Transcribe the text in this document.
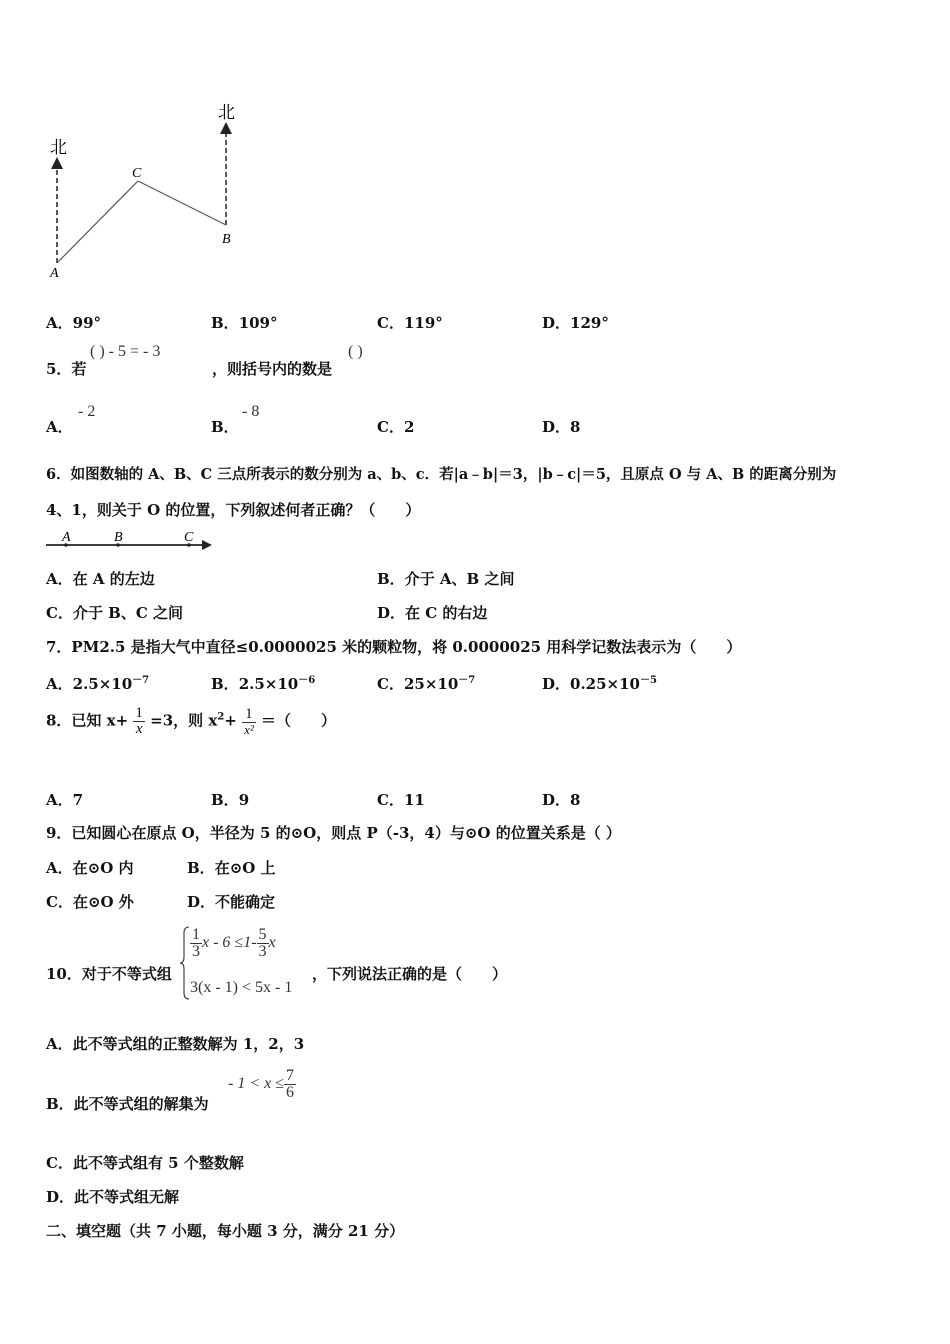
北
北
C
B
A
A．99°	B．109°	C．119°	D．129°
5．若
( ) - 5 = - 3
，则括号内的数是
( )
A．
- 2
B．
- 8
C．2	D．8
6．如图数轴的 A、B、C 三点所表示的数分别为 a、b、c．若|a﹣b|＝3，|b﹣c|＝5，且原点 O 与 A、B 的距离分别为
4、1，则关于 O 的位置，下列叙述何者正确？（　　）
A	B	C
A．在 A 的左边	B．介于 A、B 之间
C．介于 B、C 之间	D．在 C 的右边
7．PM2.5 是指大气中直径≤0.0000025 米的颗粒物，将 0.0000025 用科学记数法表示为（　　）
A．$2.5\times 10^{-7}$	B．$2.5\times 10^{-6}$	C．$25\times 10^{-7}$	D．$0.25\times 10^{-5}$
8．已知 $x+ \frac{1}{x} =3$，则 $x^2+ \frac{1}{\text{x²}}$ ＝（　　）
A．7	B．9	C．11	D．8
9．已知圆心在原点 O，半径为 5 的⊙O，则点 P（-3，4）与⊙O 的位置关系是（ ）
A．在⊙O 内	B．在⊙O 上
C．在⊙O 外	D．不能确定
10．对于不等式组
$\frac{1}{3}$ $x - 6 \le 1- \frac{5}{3}$ x
3(x - 1) < 5x - 1
，下列说法正确的是（　　）
A．此不等式组的正整数解为 1，2，3
B．此不等式组的解集为
- $1 < x \le \frac{7}{6}$
C．此不等式组有 5 个整数解
D．此不等式组无解
二、填空题（共 7 小题，每小题 3 分，满分 21 分）
